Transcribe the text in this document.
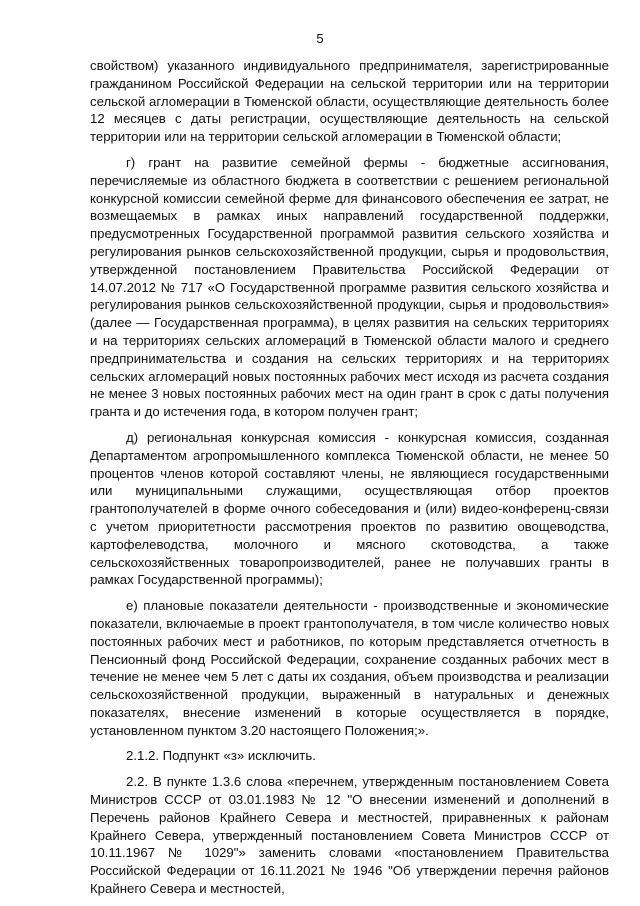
5

свойством) указанного индивидуального предпринимателя, зарегистрированные гражданином Российской Федерации на сельской территории или на территории сельской агломерации в Тюменской области, осуществляющие деятельность более 12 месяцев с даты регистрации, осуществляющие деятельность на сельской территории или на территории сельской агломерации в Тюменской области;

г) грант на развитие семейной фермы - бюджетные ассигнования, перечисляемые из областного бюджета в соответствии с решением региональной конкурсной комиссии семейной ферме для финансового обеспечения ее затрат, не возмещаемых в рамках иных направлений государственной поддержки, предусмотренных Государственной программой развития сельского хозяйства и регулирования рынков сельскохозяйственной продукции, сырья и продовольствия, утвержденной постановлением Правительства Российской Федерации от 14.07.2012 № 717 «О Государственной программе развития сельского хозяйства и регулирования рынков сельскохозяйственной продукции, сырья и продовольствия» (далее — Государственная программа), в целях развития на сельских территориях и на территориях сельских агломераций в Тюменской области малого и среднего предпринимательства и создания на сельских территориях и на территориях сельских агломераций новых постоянных рабочих мест исходя из расчета создания не менее 3 новых постоянных рабочих мест на один грант в срок с даты получения гранта и до истечения года, в котором получен грант;

д) региональная конкурсная комиссия - конкурсная комиссия, созданная Департаментом агропромышленного комплекса Тюменской области, не менее 50 процентов членов которой составляют члены, не являющиеся государственными или муниципальными служащими, осуществляющая отбор проектов грантополучателей в форме очного собеседования и (или) видео-конференц-связи с учетом приоритетности рассмотрения проектов по развитию овощеводства, картофелеводства, молочного и мясного скотоводства, а также сельскохозяйственных товаропроизводителей, ранее не получавших гранты в рамках Государственной программы);

е) плановые показатели деятельности - производственные и экономические показатели, включаемые в проект грантополучателя, в том числе количество новых постоянных рабочих мест и работников, по которым представляется отчетность в Пенсионный фонд Российской Федерации, сохранение созданных рабочих мест в течение не менее чем 5 лет с даты их создания, объем производства и реализации сельскохозяйственной продукции, выраженный в натуральных и денежных показателях, внесение изменений в которые осуществляется в порядке, установленном пунктом 3.20 настоящего Положения;».

2.1.2. Подпункт «з» исключить.

2.2. В пункте 1.3.6 слова «перечнем, утвержденным постановлением Совета Министров СССР от 03.01.1983 № 12 "О внесении изменений и дополнений в Перечень районов Крайнего Севера и местностей, приравненных к районам Крайнего Севера, утвержденный постановлением Совета Министров СССР от 10.11.1967 № 1029"» заменить словами «постановлением Правительства Российской Федерации от 16.11.2021 № 1946 "Об утверждении перечня районов Крайнего Севера и местностей,
